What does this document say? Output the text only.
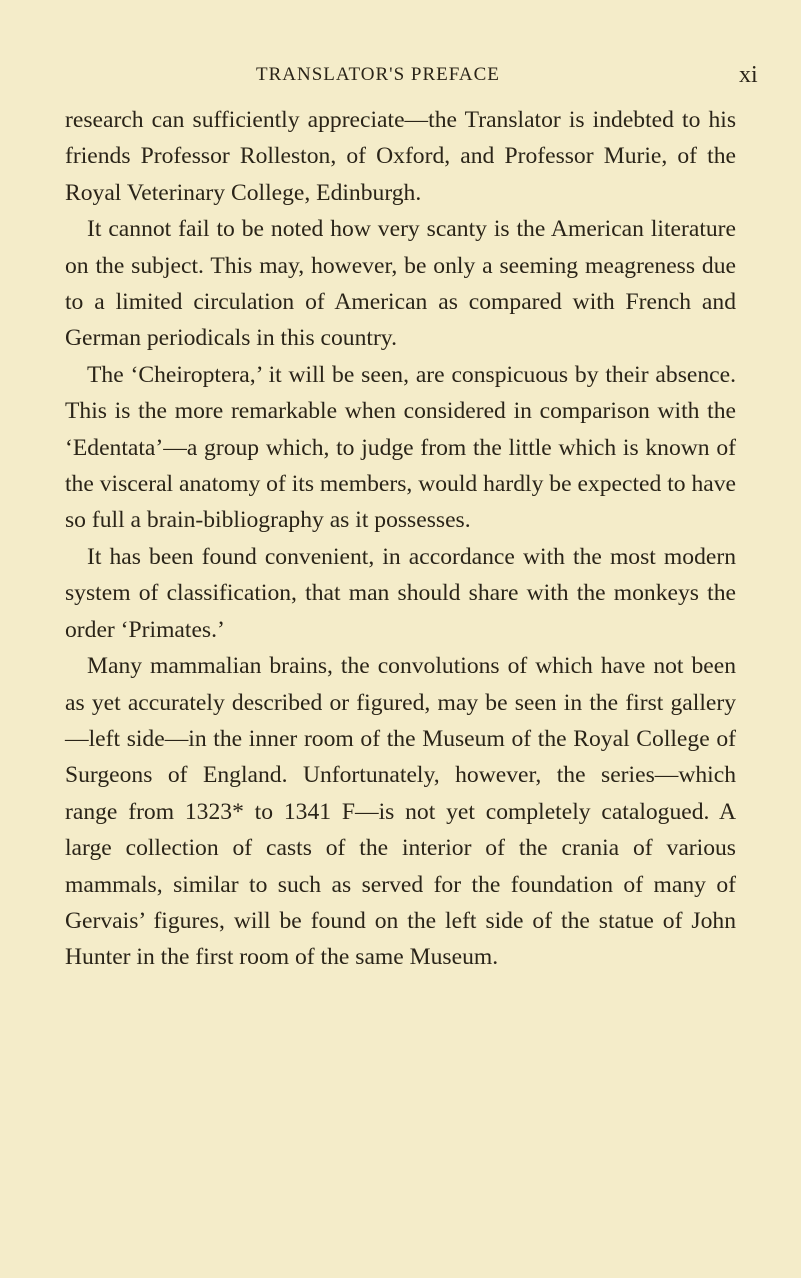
TRANSLATOR'S PREFACE	xi

research can sufficiently appreciate—the Translator is indebted to his friends Professor Rolleston, of Oxford, and Professor Murie, of the Royal Veterinary College, Edinburgh.

It cannot fail to be noted how very scanty is the American literature on the subject. This may, however, be only a seeming meagreness due to a limited circulation of American as compared with French and German periodicals in this country.

The ‘Cheiroptera,’ it will be seen, are conspicuous by their absence. This is the more remarkable when considered in comparison with the ‘Edentata’—a group which, to judge from the little which is known of the visceral anatomy of its members, would hardly be expected to have so full a brain-bibliography as it possesses.

It has been found convenient, in accordance with the most modern system of classification, that man should share with the monkeys the order ‘Primates.’

Many mammalian brains, the convolutions of which have not been as yet accurately described or figured, may be seen in the first gallery—left side—in the inner room of the Museum of the Royal College of Surgeons of England. Unfortunately, however, the series—which range from 1323* to 1341 F—is not yet completely catalogued. A large collection of casts of the interior of the crania of various mammals, similar to such as served for the foundation of many of Gervais’ figures, will be found on the left side of the statue of John Hunter in the first room of the same Museum.
